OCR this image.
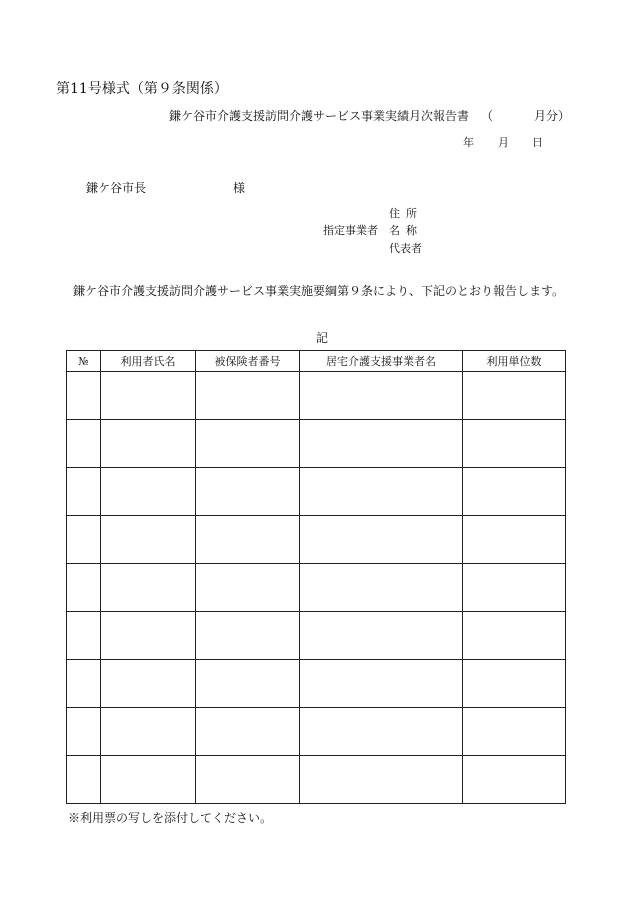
第11号様式（第９条関係）
鎌ケ谷市介護支援訪問介護サービス事業実績月次報告書 （	月分）
年 月 日
鎌ケ谷市長	様
指定事業者
住所
名称
代表者
鎌ケ谷市介護支援訪問介護サービス事業実施要綱第９条により、下記のとおり報告します。
記
№	利用者氏名	被保険者番号	居宅介護支援事業者名	利用単位数

※利用票の写しを添付してください。
